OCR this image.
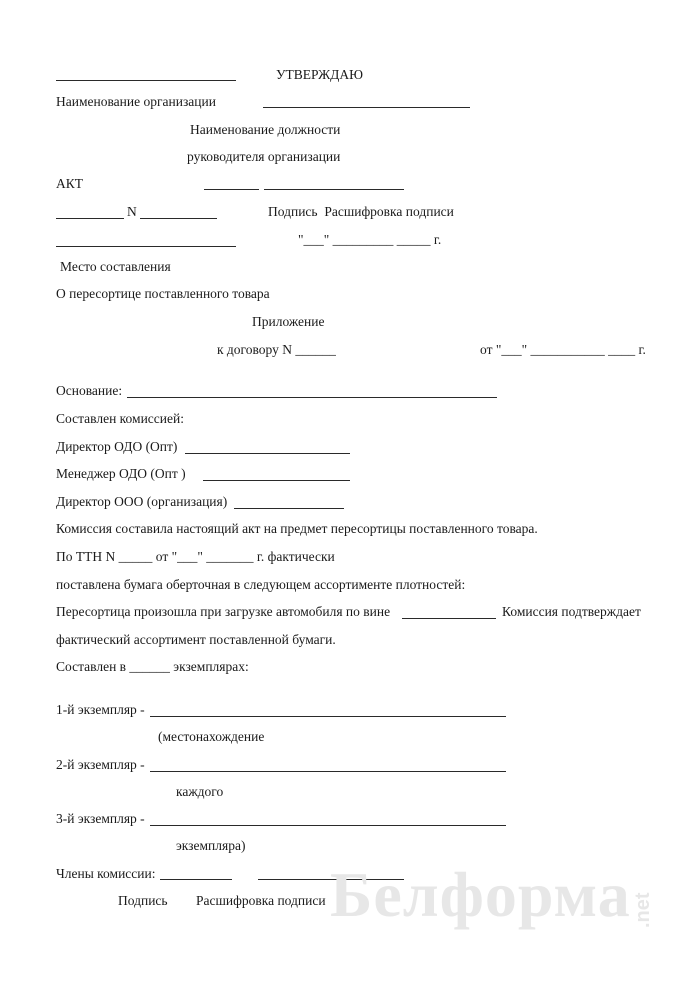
УТВЕРЖДАЮ
Наименование организации
Наименование должности
руководителя организации
АКТ
N	Подпись  Расшифровка подписи
"___" _________ _____ г.
Место составления
О пересортице поставленного товара
Приложение
к договору N ______	от "___" ___________ ____ г.
Основание:
Составлен комиссией:
Директор ОДО (Опт)
Менеджер ОДО (Опт )
Директор ООО (организация)
Комиссия составила настоящий акт на предмет пересортицы поставленного товара.
По ТТН N _____ от "___" _______ г. фактически
поставлена бумага оберточная в следующем ассортименте плотностей:
Пересортица произошла при загрузке автомобиля по вине	Комиссия подтверждает
фактический ассортимент поставленной бумаги.
Составлен в ______ экземплярах:
1-й экземпляр -
(местонахождение
2-й экземпляр -
каждого
3-й экземпляр -
экземпляра)
Члены комиссии:
Подпись Расшифровка подписи Белформа .net
